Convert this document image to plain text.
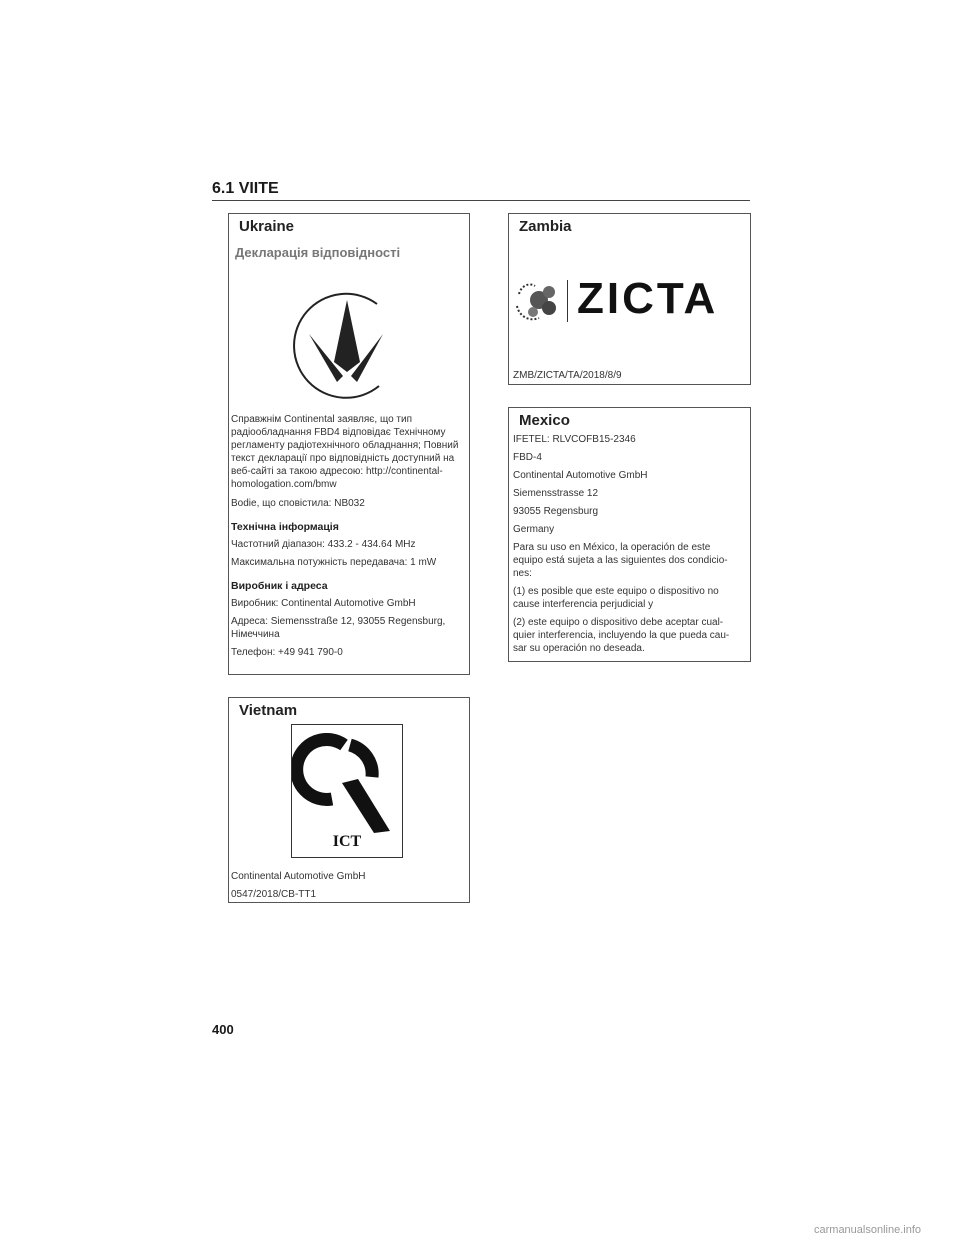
6.1 VIITE
Ukraine
Декларація відповідності

Справжнім Continental заявляє, що тип радіообладнання FBD4 відповідає Технічному регламенту радіотехнічного обладнання; Повний текст декларації про відповідність доступний на веб-сайті за такою адресою: http://continental-homologation.com/bmw

Bodie, що сповістила: NB032

Технічна інформація

Частотний діапазон: 433.2 - 434.64 MHz

Максимальна потужність передавача: 1 mW

Виробник і адреса

Виробник: Continental Automotive GmbH

Адреса: Siemensstraße 12, 93055 Regensburg, Німеччина

Телефон: +49 941 790-0

Vietnam
ICT

Continental Automotive GmbH

0547/2018/CB-TT1

Zambia
ZICTA

ZMB/ZICTA/TA/2018/8/9

Mexico

IFETEL: RLVCOFB15-2346

FBD-4

Continental Automotive GmbH

Siemensstrasse 12

93055 Regensburg

Germany

Para su uso en México, la operación de este equipo está sujeta a las siguientes dos condicio-nes:

(1) es posible que este equipo o dispositivo no cause interferencia perjudicial y

(2) este equipo o dispositivo debe aceptar cual-quier interferencia, incluyendo la que pueda cau-sar su operación no deseada.

400

carmanualsonline.info
